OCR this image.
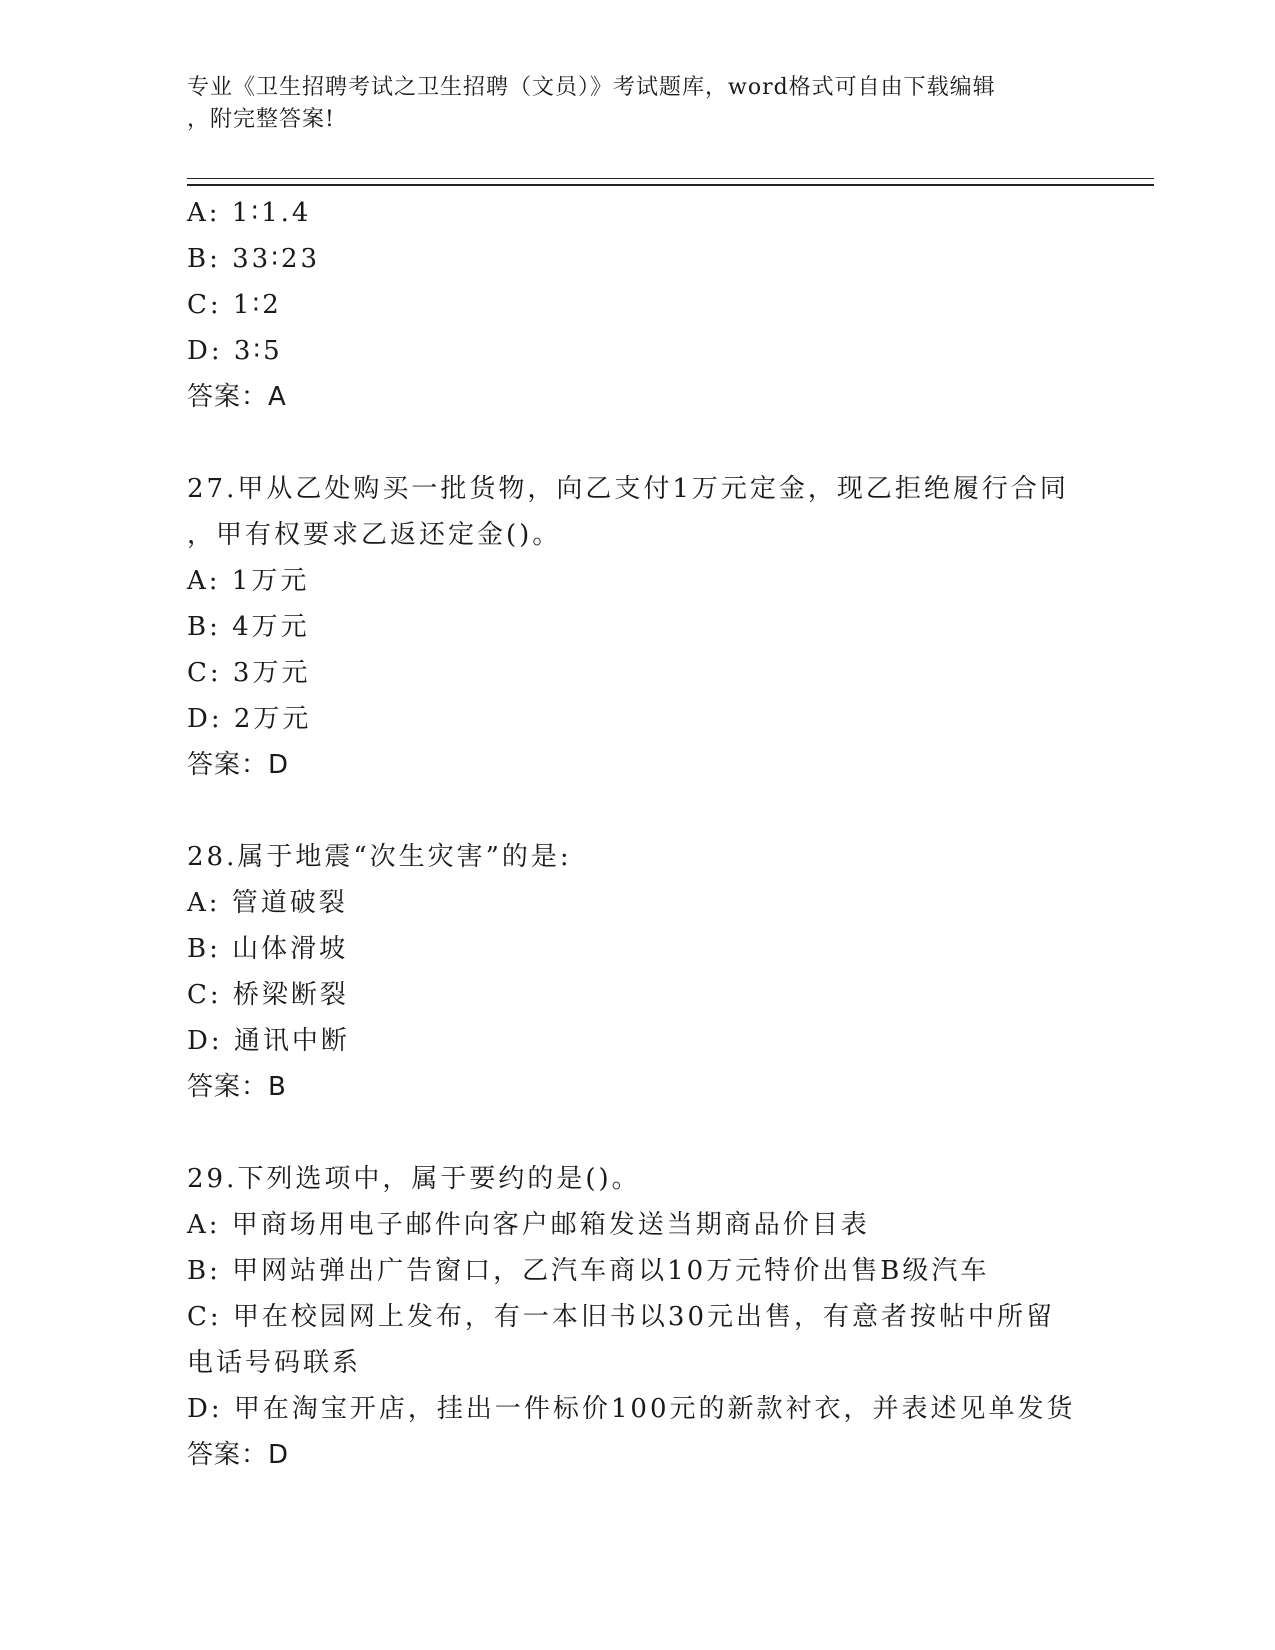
专业《卫生招聘考试之卫生招聘（文员）》考试题库，word格式可自由下载编辑
，附完整答案!
A: 1∶1.4
B: 33∶23
C: 1∶2
D: 3∶5
答案：A
27.甲从乙处购买一批货物，向乙支付1万元定金，现乙拒绝履行合同
，甲有权要求乙返还定金()。
A: 1万元
B: 4万元
C: 3万元
D: 2万元
答案：D
28.属于地震“次生灾害”的是:
A: 管道破裂
B: 山体滑坡
C: 桥梁断裂
D: 通讯中断
答案：B
29.下列选项中，属于要约的是()。
A: 甲商场用电子邮件向客户邮箱发送当期商品价目表
B: 甲网站弹出广告窗口，乙汽车商以10万元特价出售B级汽车
C: 甲在校园网上发布，有一本旧书以30元出售，有意者按帖中所留
电话号码联系
D: 甲在淘宝开店，挂出一件标价100元的新款衬衣，并表述见单发货
答案：D
